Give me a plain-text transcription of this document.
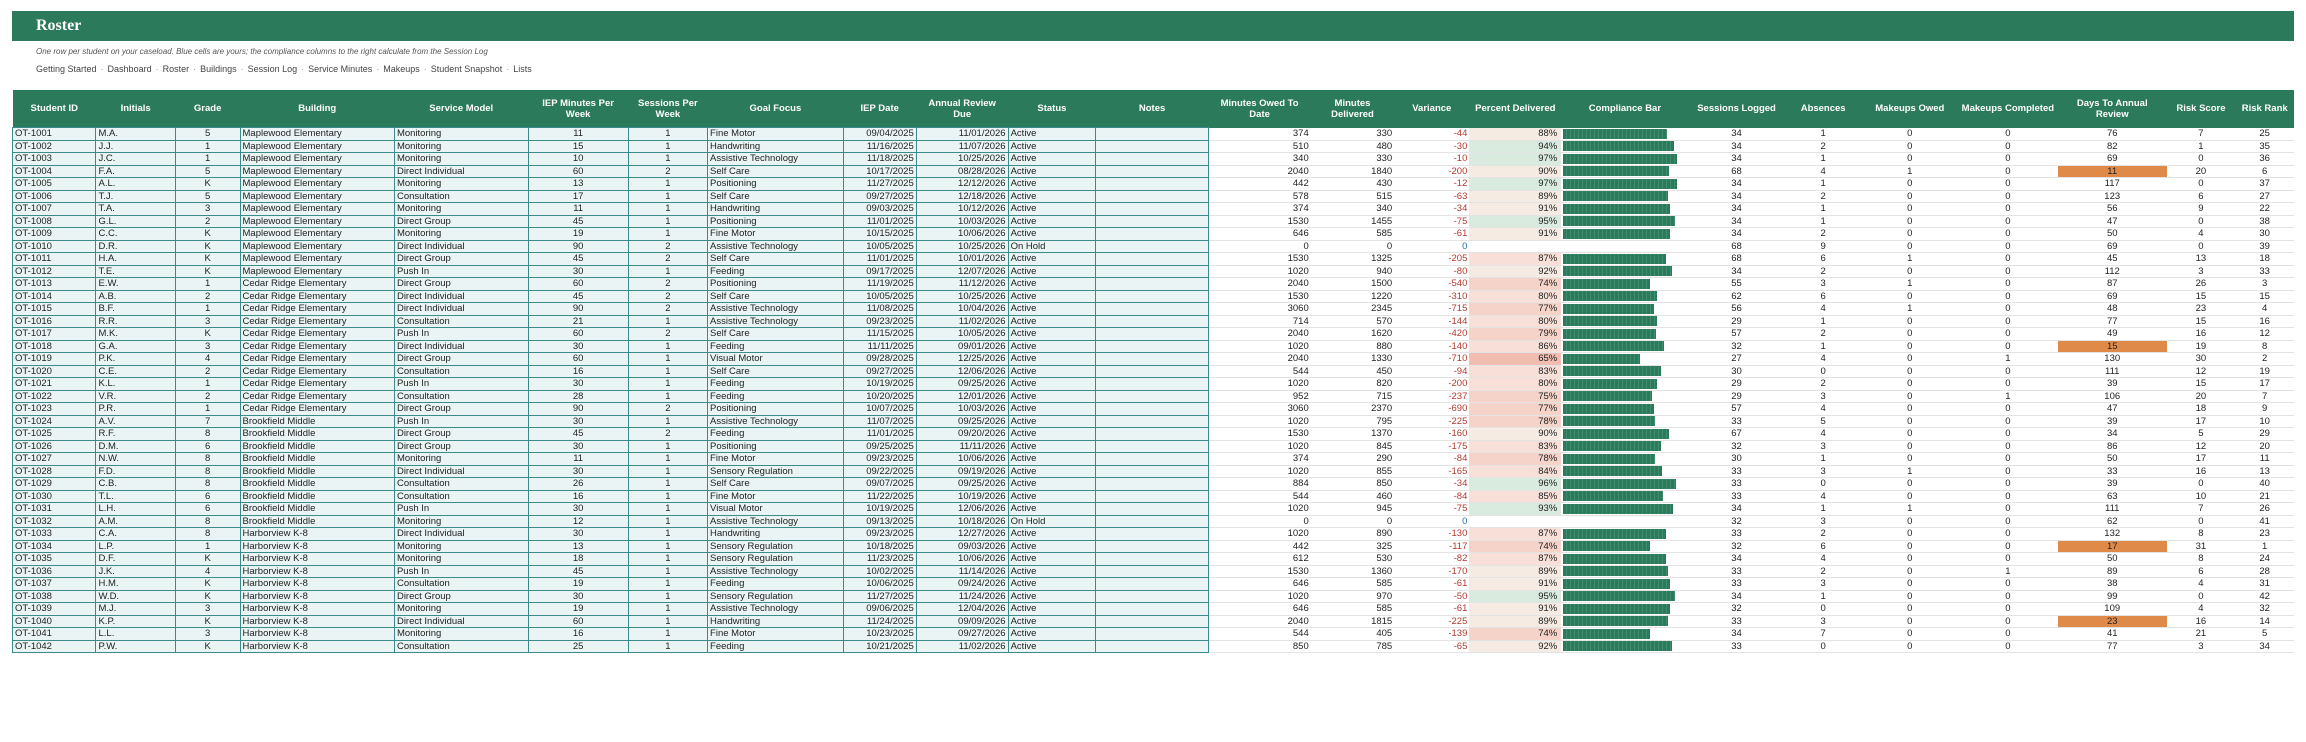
Roster
One row per student on your caseload. Blue cells are yours; the compliance columns to the right calculate from the Session Log
Getting Started · Dashboard · Roster · Buildings · Session Log · Service Minutes · Makeups · Student Snapshot · Lists
Student ID	Initials	Grade	Building	Service Model	IEP Minutes Per Week	Sessions Per Week	Goal Focus	IEP Date	Annual Review Due	Status	Notes	Minutes Owed To Date	Minutes Delivered	Variance	Percent Delivered	Compliance Bar	Sessions Logged	Absences	Makeups Owed	Makeups Completed	Days To Annual Review	Risk Score	Risk Rank
OT-1001	M.A.	5	Maplewood Elementary	Monitoring	11	1	Fine Motor	09/04/2025	11/01/2026	Active		374	330	-44	88%		34	1	0	0	76	7	25
OT-1002	J.J.	1	Maplewood Elementary	Monitoring	15	1	Handwriting	11/16/2025	11/07/2026	Active		510	480	-30	94%		34	2	0	0	82	1	35
OT-1003	J.C.	1	Maplewood Elementary	Monitoring	10	1	Assistive Technology	11/18/2025	10/25/2026	Active		340	330	-10	97%		34	1	0	0	69	0	36
OT-1004	F.A.	5	Maplewood Elementary	Direct Individual	60	2	Self Care	10/17/2025	08/28/2026	Active		2040	1840	-200	90%		68	4	1	0	11	20	6
OT-1005	A.L.	K	Maplewood Elementary	Monitoring	13	1	Positioning	11/27/2025	12/12/2026	Active		442	430	-12	97%		34	1	0	0	117	0	37
OT-1006	T.J.	5	Maplewood Elementary	Consultation	17	1	Self Care	09/27/2025	12/18/2026	Active		578	515	-63	89%		34	2	0	0	123	6	27
OT-1007	T.A.	3	Maplewood Elementary	Monitoring	11	1	Handwriting	09/03/2025	10/12/2026	Active		374	340	-34	91%		34	1	0	0	56	9	22
OT-1008	G.L.	2	Maplewood Elementary	Direct Group	45	1	Positioning	11/01/2025	10/03/2026	Active		1530	1455	-75	95%		34	1	0	0	47	0	38
OT-1009	C.C.	K	Maplewood Elementary	Monitoring	19	1	Fine Motor	10/15/2025	10/06/2026	Active		646	585	-61	91%		34	2	0	0	50	4	30
OT-1010	D.R.	K	Maplewood Elementary	Direct Individual	90	2	Assistive Technology	10/05/2025	10/25/2026	On Hold		0	0	0			68	9	0	0	69	0	39
OT-1011	H.A.	K	Maplewood Elementary	Direct Group	45	2	Self Care	11/01/2025	10/01/2026	Active		1530	1325	-205	87%		68	6	1	0	45	13	18
OT-1012	T.E.	K	Maplewood Elementary	Push In	30	1	Feeding	09/17/2025	12/07/2026	Active		1020	940	-80	92%		34	2	0	0	112	3	33
OT-1013	E.W.	1	Cedar Ridge Elementary	Direct Group	60	2	Positioning	11/19/2025	11/12/2026	Active		2040	1500	-540	74%		55	3	1	0	87	26	3
OT-1014	A.B.	2	Cedar Ridge Elementary	Direct Individual	45	2	Self Care	10/05/2025	10/25/2026	Active		1530	1220	-310	80%		62	6	0	0	69	15	15
OT-1015	B.F.	1	Cedar Ridge Elementary	Direct Individual	90	2	Assistive Technology	11/08/2025	10/04/2026	Active		3060	2345	-715	77%		56	4	1	0	48	23	4
OT-1016	R.R.	3	Cedar Ridge Elementary	Consultation	21	1	Assistive Technology	09/23/2025	11/02/2026	Active		714	570	-144	80%		29	1	0	0	77	15	16
OT-1017	M.K.	K	Cedar Ridge Elementary	Push In	60	2	Self Care	11/15/2025	10/05/2026	Active		2040	1620	-420	79%		57	2	0	0	49	16	12
OT-1018	G.A.	3	Cedar Ridge Elementary	Direct Individual	30	1	Feeding	11/11/2025	09/01/2026	Active		1020	880	-140	86%		32	1	0	0	15	19	8
OT-1019	P.K.	4	Cedar Ridge Elementary	Direct Group	60	1	Visual Motor	09/28/2025	12/25/2026	Active		2040	1330	-710	65%		27	4	0	1	130	30	2
OT-1020	C.E.	2	Cedar Ridge Elementary	Consultation	16	1	Self Care	09/27/2025	12/06/2026	Active		544	450	-94	83%		30	0	0	0	111	12	19
OT-1021	K.L.	1	Cedar Ridge Elementary	Push In	30	1	Feeding	10/19/2025	09/25/2026	Active		1020	820	-200	80%		29	2	0	0	39	15	17
OT-1022	V.R.	2	Cedar Ridge Elementary	Consultation	28	1	Feeding	10/20/2025	12/01/2026	Active		952	715	-237	75%		29	3	0	1	106	20	7
OT-1023	P.R.	1	Cedar Ridge Elementary	Direct Group	90	2	Positioning	10/07/2025	10/03/2026	Active		3060	2370	-690	77%		57	4	0	0	47	18	9
OT-1024	A.V.	7	Brookfield Middle	Push In	30	1	Assistive Technology	11/07/2025	09/25/2026	Active		1020	795	-225	78%		33	5	0	0	39	17	10
OT-1025	R.F.	8	Brookfield Middle	Direct Group	45	2	Feeding	11/01/2025	09/20/2026	Active		1530	1370	-160	90%		67	4	0	0	34	5	29
OT-1026	D.M.	6	Brookfield Middle	Direct Group	30	1	Positioning	09/25/2025	11/11/2026	Active		1020	845	-175	83%		32	3	0	0	86	12	20
OT-1027	N.W.	8	Brookfield Middle	Monitoring	11	1	Fine Motor	09/23/2025	10/06/2026	Active		374	290	-84	78%		30	1	0	0	50	17	11
OT-1028	F.D.	8	Brookfield Middle	Direct Individual	30	1	Sensory Regulation	09/22/2025	09/19/2026	Active		1020	855	-165	84%		33	3	1	0	33	16	13
OT-1029	C.B.	8	Brookfield Middle	Consultation	26	1	Self Care	09/07/2025	09/25/2026	Active		884	850	-34	96%		33	0	0	0	39	0	40
OT-1030	T.L.	6	Brookfield Middle	Consultation	16	1	Fine Motor	11/22/2025	10/19/2026	Active		544	460	-84	85%		33	4	0	0	63	10	21
OT-1031	L.H.	6	Brookfield Middle	Push In	30	1	Visual Motor	10/19/2025	12/06/2026	Active		1020	945	-75	93%		34	1	1	0	111	7	26
OT-1032	A.M.	8	Brookfield Middle	Monitoring	12	1	Assistive Technology	09/13/2025	10/18/2026	On Hold		0	0	0			32	3	0	0	62	0	41
OT-1033	C.A.	8	Harborview K-8	Direct Individual	30	1	Handwriting	09/23/2025	12/27/2026	Active		1020	890	-130	87%		33	2	0	0	132	8	23
OT-1034	L.P.	1	Harborview K-8	Monitoring	13	1	Sensory Regulation	10/18/2025	09/03/2026	Active		442	325	-117	74%		32	6	0	0	17	31	1
OT-1035	D.F.	K	Harborview K-8	Monitoring	18	1	Sensory Regulation	11/23/2025	10/06/2026	Active		612	530	-82	87%		34	4	0	0	50	8	24
OT-1036	J.K.	4	Harborview K-8	Push In	45	1	Assistive Technology	10/02/2025	11/14/2026	Active		1530	1360	-170	89%		33	2	0	1	89	6	28
OT-1037	H.M.	K	Harborview K-8	Consultation	19	1	Feeding	10/06/2025	09/24/2026	Active		646	585	-61	91%		33	3	0	0	38	4	31
OT-1038	W.D.	K	Harborview K-8	Direct Group	30	1	Sensory Regulation	11/27/2025	11/24/2026	Active		1020	970	-50	95%		34	1	0	0	99	0	42
OT-1039	M.J.	3	Harborview K-8	Monitoring	19	1	Assistive Technology	09/06/2025	12/04/2026	Active		646	585	-61	91%		32	0	0	0	109	4	32
OT-1040	K.P.	K	Harborview K-8	Direct Individual	60	1	Handwriting	11/24/2025	09/09/2026	Active		2040	1815	-225	89%		33	3	0	0	23	16	14
OT-1041	L.L.	3	Harborview K-8	Monitoring	16	1	Fine Motor	10/23/2025	09/27/2026	Active		544	405	-139	74%		34	7	0	0	41	21	5
OT-1042	P.W.	K	Harborview K-8	Consultation	25	1	Feeding	10/21/2025	11/02/2026	Active		850	785	-65	92%		33	0	0	0	77	3	34
